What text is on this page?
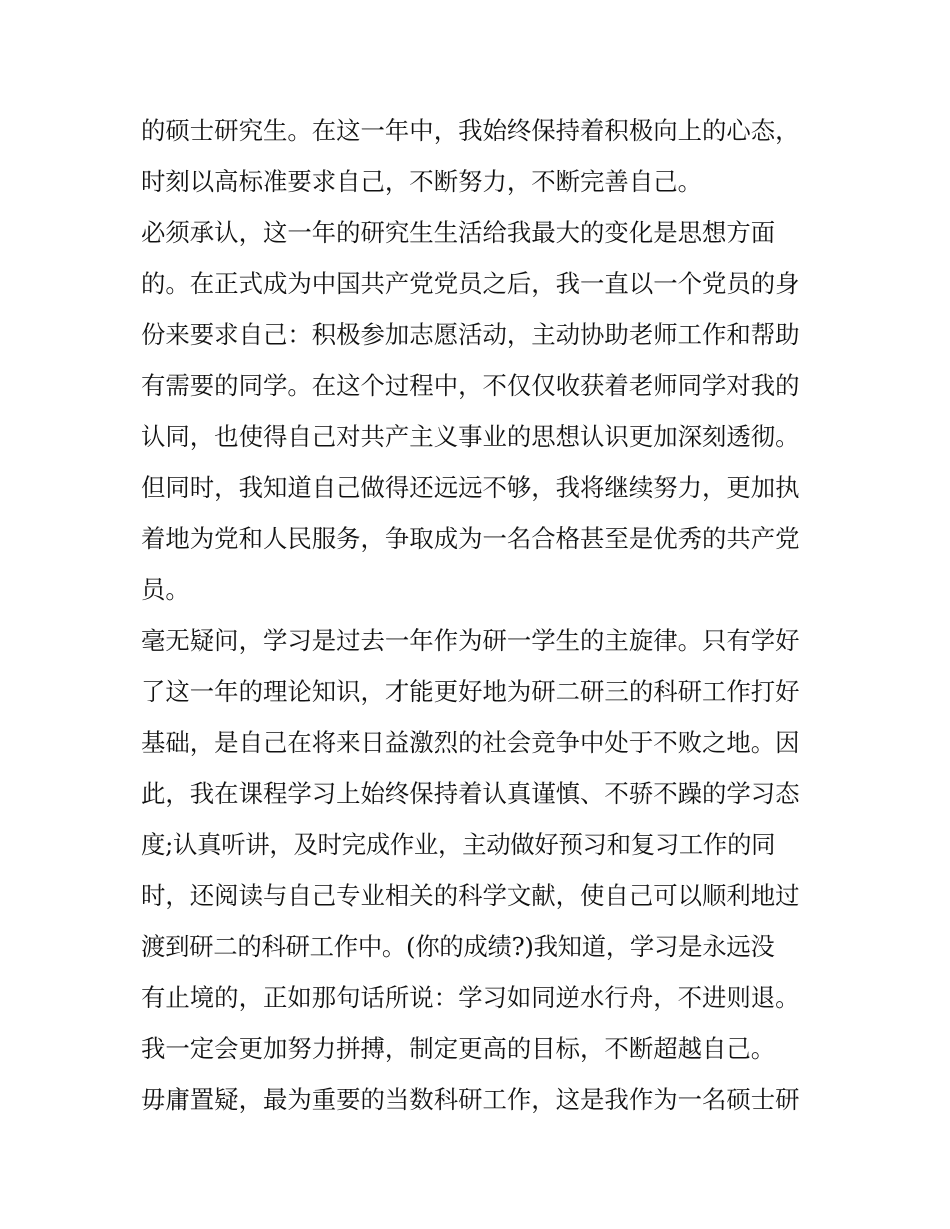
的硕士研究生。在这一年中，我始终保持着积极向上的心态，
时刻以高标准要求自己，不断努力，不断完善自己。
必须承认，这一年的研究生生活给我最大的变化是思想方面
的。在正式成为中国共产党党员之后，我一直以一个党员的身
份来要求自己：积极参加志愿活动，主动协助老师工作和帮助
有需要的同学。在这个过程中，不仅仅收获着老师同学对我的
认同，也使得自己对共产主义事业的思想认识更加深刻透彻。
但同时，我知道自己做得还远远不够，我将继续努力，更加执
着地为党和人民服务，争取成为一名合格甚至是优秀的共产党
员。
毫无疑问，学习是过去一年作为研一学生的主旋律。只有学好
了这一年的理论知识，才能更好地为研二研三的科研工作打好
基础，是自己在将来日益激烈的社会竞争中处于不败之地。因
此，我在课程学习上始终保持着认真谨慎、不骄不躁的学习态
度;认真听讲，及时完成作业，主动做好预习和复习工作的同
时，还阅读与自己专业相关的科学文献，使自己可以顺利地过
渡到研二的科研工作中。(你的成绩?)我知道，学习是永远没
有止境的，正如那句话所说：学习如同逆水行舟，不进则退。
我一定会更加努力拼搏，制定更高的目标，不断超越自己。
毋庸置疑，最为重要的当数科研工作，这是我作为一名硕士研
